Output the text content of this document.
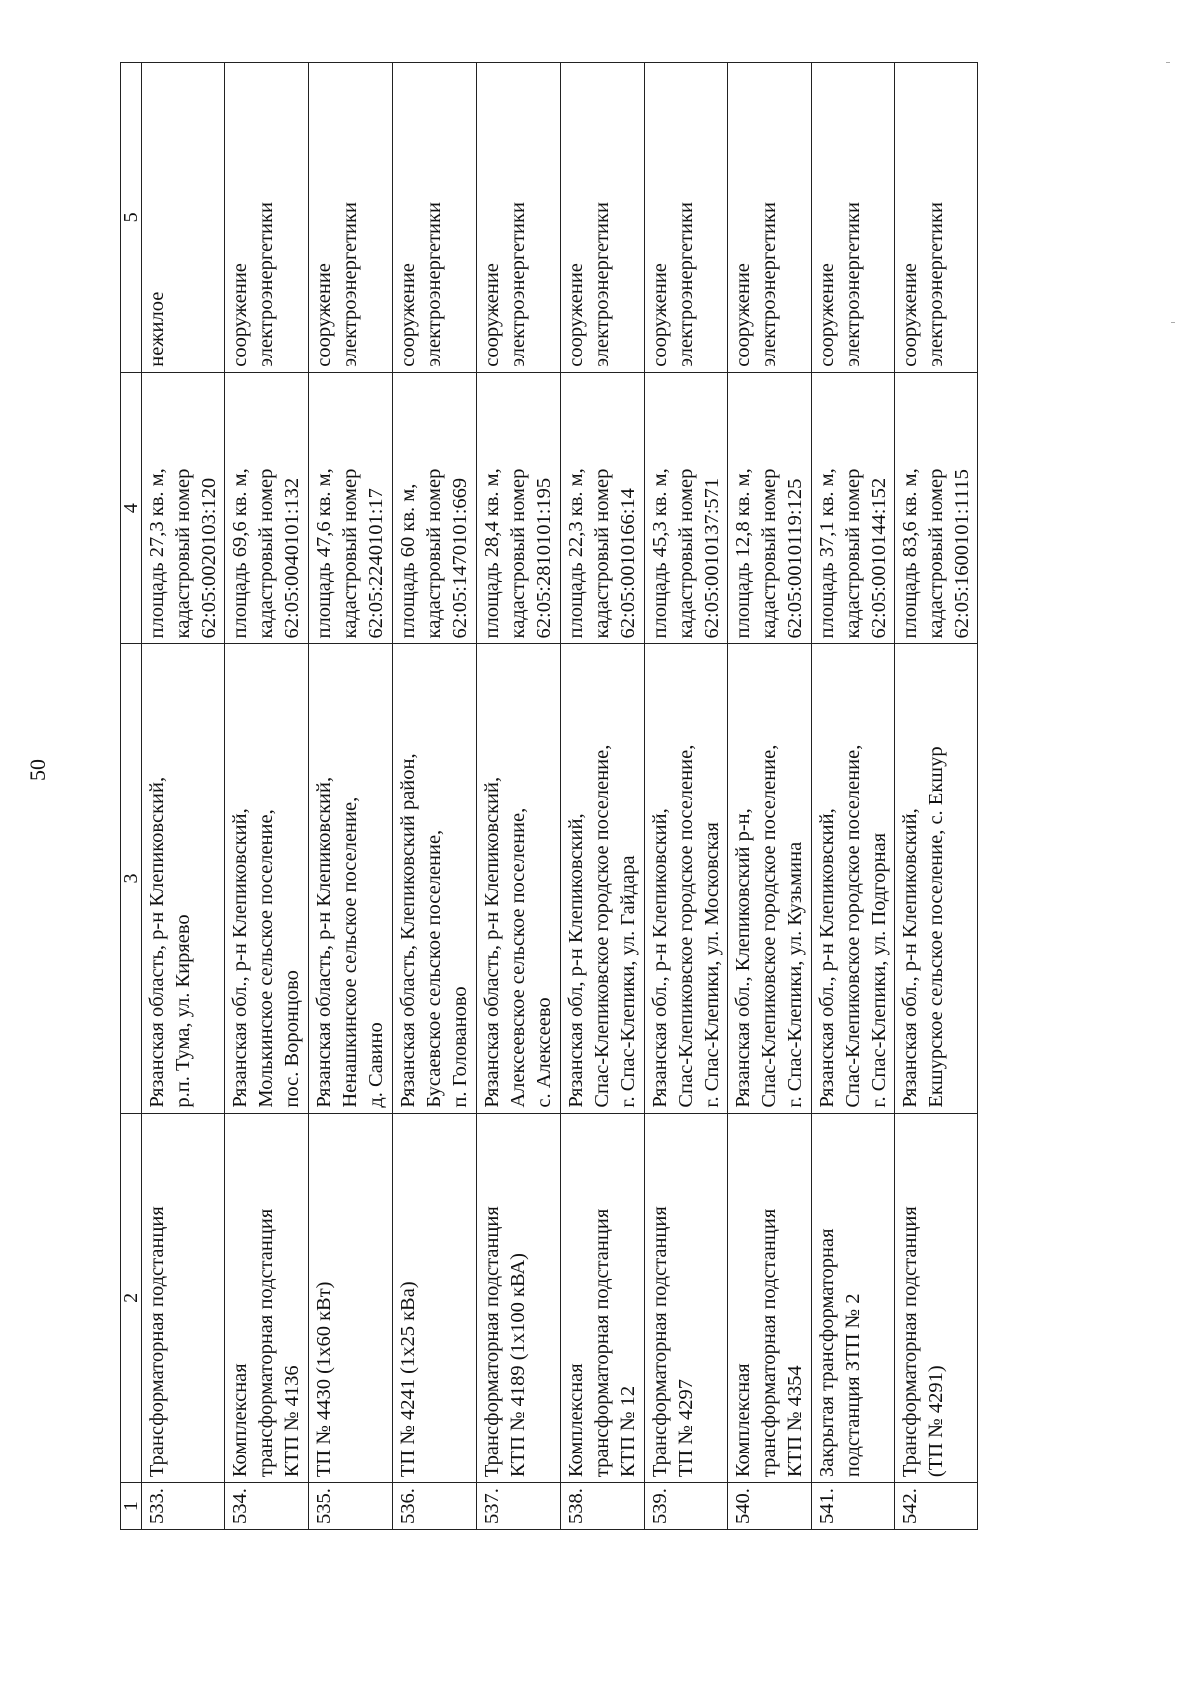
50
1	2	3	4	5

533.	Трансформаторная подстанция	Рязанская область, р-н Клепиковский,
р.п. Тума, ул. Киряево	площадь 27,3 кв. м,
кадастровый номер
62:05:0020103:120	нежилое

534.	Комплексная
трансформаторная подстанция
КТП № 4136	Рязанская обл., р-н Клепиковский,
Молькинское сельское поселение,
пос. Воронцово	площадь 69,6 кв. м,
кадастровый номер
62:05:0040101:132	сооружение
электроэнергетики

535.	ТП № 4430 (1х60 кВт)	Рязанская область, р-н Клепиковский,
Ненашкинское сельское поселение,
д. Савино	площадь 47,6 кв. м,
кадастровый номер
62:05:2240101:17	сооружение
электроэнергетики

536.	ТП № 4241 (1х25 кВа)	Рязанская область, Клепиковский район,
Бусаевское сельское поселение,
п. Голованово	площадь 60 кв. м,
кадастровый номер
62:05:1470101:669	сооружение
электроэнергетики

537.	Трансформаторная подстанция
КТП № 4189 (1х100 кВА)	Рязанская область, р-н Клепиковский,
Алексеевское сельское поселение,
с. Алексеево	площадь 28,4 кв. м,
кадастровый номер
62:05:2810101:195	сооружение
электроэнергетики

538.	Комплексная
трансформаторная подстанция
КТП № 12	Рязанская обл, р-н Клепиковский,
Спас-Клепиковское городское поселение,
г. Спас-Клепики, ул. Гайдара	площадь 22,3 кв. м,
кадастровый номер
62:05:0010166:14	сооружение
электроэнергетики

539.	Трансформаторная подстанция
ТП № 4297	Рязанская обл., р-н Клепиковский,
Спас-Клепиковское городское поселение,
г. Спас-Клепики, ул. Московская	площадь 45,3 кв. м,
кадастровый номер
62:05:0010137:571	сооружение
электроэнергетики

540.	Комплексная
трансформаторная подстанция
КТП № 4354	Рязанская обл., Клепиковский р-н,
Спас-Клепиковское городское поселение,
г. Спас-Клепики, ул. Кузьмина	площадь 12,8 кв. м,
кадастровый номер
62:05:0010119:125	сооружение
электроэнергетики

541.	Закрытая трансформаторная
подстанция ЗТП № 2	Рязанская обл., р-н Клепиковский,
Спас-Клепиковское городское поселение,
г. Спас-Клепики, ул. Подгорная	площадь 37,1 кв. м,
кадастровый номер
62:05:0010144:152	сооружение
электроэнергетики

542.	Трансформаторная подстанция
(ТП № 4291)	Рязанская обл., р-н Клепиковский,
Екшурское сельское поселение, с. Екшур	площадь 83,6 кв. м,
кадастровый номер
62:05:1600101:1115	сооружение
электроэнергетики
